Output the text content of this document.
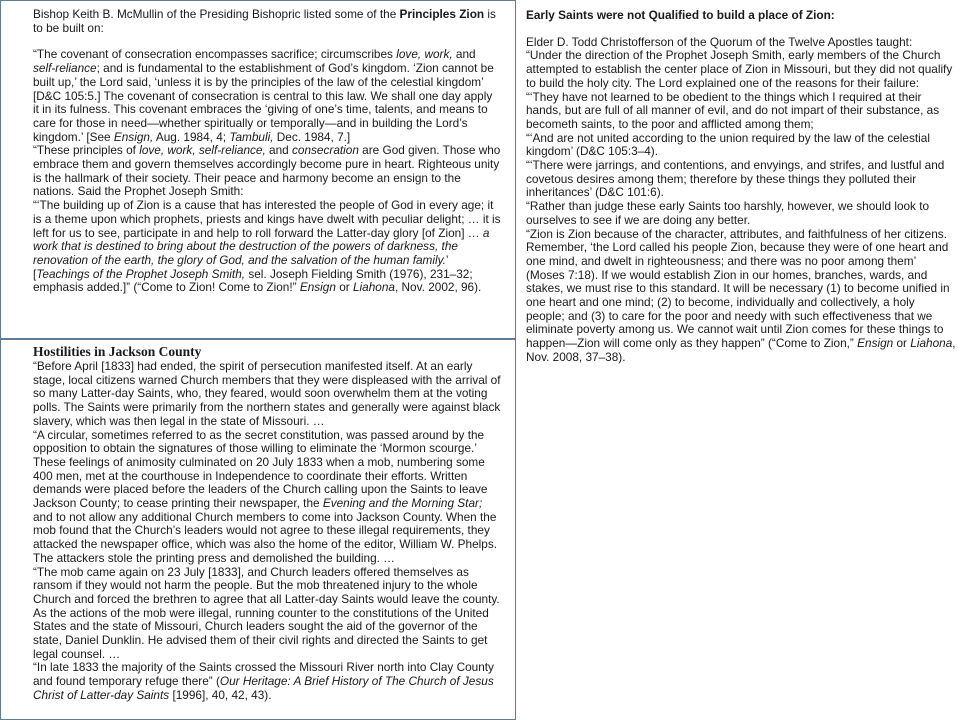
Bishop Keith B. McMullin of the Presiding Bishopric listed some of the Principles Zion is to be built on:

“The covenant of consecration encompasses sacrifice; circumscribes love, work, and self-reliance; and is fundamental to the establishment of God’s kingdom. ‘Zion cannot be built up,’ the Lord said, ‘unless it is by the principles of the law of the celestial kingdom’ [D&C 105:5.] The covenant of consecration is central to this law. We shall one day apply it in its fulness. This covenant embraces the ‘giving of one’s time, talents, and means to care for those in need—whether spiritually or temporally—and in building the Lord’s kingdom.’ [See Ensign, Aug. 1984, 4; Tambuli, Dec. 1984, 7.]

“These principles of love, work, self-reliance, and consecration are God given. Those who embrace them and govern themselves accordingly become pure in heart. Righteous unity is the hallmark of their society. Their peace and harmony become an ensign to the nations. Said the Prophet Joseph Smith:

“‘The building up of Zion is a cause that has interested the people of God in every age; it is a theme upon which prophets, priests and kings have dwelt with peculiar delight; … it is left for us to see, participate in and help to roll forward the Latter-day glory [of Zion] … a work that is destined to bring about the destruction of the powers of darkness, the renovation of the earth, the glory of God, and the salvation of the human family.’ [Teachings of the Prophet Joseph Smith, sel. Joseph Fielding Smith (1976), 231–32; emphasis added.]” (“Come to Zion! Come to Zion!” Ensign or Liahona, Nov. 2002, 96).

Hostilities in Jackson County

“Before April [1833] had ended, the spirit of persecution manifested itself. At an early stage, local citizens warned Church members that they were displeased with the arrival of so many Latter-day Saints, who, they feared, would soon overwhelm them at the voting polls. The Saints were primarily from the northern states and generally were against black slavery, which was then legal in the state of Missouri. …

“A circular, sometimes referred to as the secret constitution, was passed around by the opposition to obtain the signatures of those willing to eliminate the ‘Mormon scourge.’ These feelings of animosity culminated on 20 July 1833 when a mob, numbering some 400 men, met at the courthouse in Independence to coordinate their efforts. Written demands were placed before the leaders of the Church calling upon the Saints to leave Jackson County; to cease printing their newspaper, the Evening and the Morning Star; and to not allow any additional Church members to come into Jackson County. When the mob found that the Church’s leaders would not agree to these illegal requirements, they attacked the newspaper office, which was also the home of the editor, William W. Phelps. The attackers stole the printing press and demolished the building. …

“The mob came again on 23 July [1833], and Church leaders offered themselves as ransom if they would not harm the people. But the mob threatened injury to the whole Church and forced the brethren to agree that all Latter-day Saints would leave the county. As the actions of the mob were illegal, running counter to the constitutions of the United States and the state of Missouri, Church leaders sought the aid of the governor of the state, Daniel Dunklin. He advised them of their civil rights and directed the Saints to get legal counsel. …

“In late 1833 the majority of the Saints crossed the Missouri River north into Clay County and found temporary refuge there” (Our Heritage: A Brief History of The Church of Jesus Christ of Latter-day Saints [1996], 40, 42, 43).

Early Saints were not Qualified to build a place of Zion:

Elder D. Todd Christofferson of the Quorum of the Twelve Apostles taught:

“Under the direction of the Prophet Joseph Smith, early members of the Church attempted to establish the center place of Zion in Missouri, but they did not qualify to build the holy city. The Lord explained one of the reasons for their failure:

“‘They have not learned to be obedient to the things which I required at their hands, but are full of all manner of evil, and do not impart of their substance, as becometh saints, to the poor and afflicted among them;

“‘And are not united according to the union required by the law of the celestial kingdom’ (D&C 105:3–4).

“‘There were jarrings, and contentions, and envyings, and strifes, and lustful and covetous desires among them; therefore by these things they polluted their inheritances’ (D&C 101:6).

“Rather than judge these early Saints too harshly, however, we should look to ourselves to see if we are doing any better.

“Zion is Zion because of the character, attributes, and faithfulness of her citizens. Remember, ‘the Lord called his people Zion, because they were of one heart and one mind, and dwelt in righteousness; and there was no poor among them’ (Moses 7:18). If we would establish Zion in our homes, branches, wards, and stakes, we must rise to this standard. It will be necessary (1) to become unified in one heart and one mind; (2) to become, individually and collectively, a holy people; and (3) to care for the poor and needy with such effectiveness that we eliminate poverty among us. We cannot wait until Zion comes for these things to happen—Zion will come only as they happen” (“Come to Zion,” Ensign or Liahona, Nov. 2008, 37–38).
